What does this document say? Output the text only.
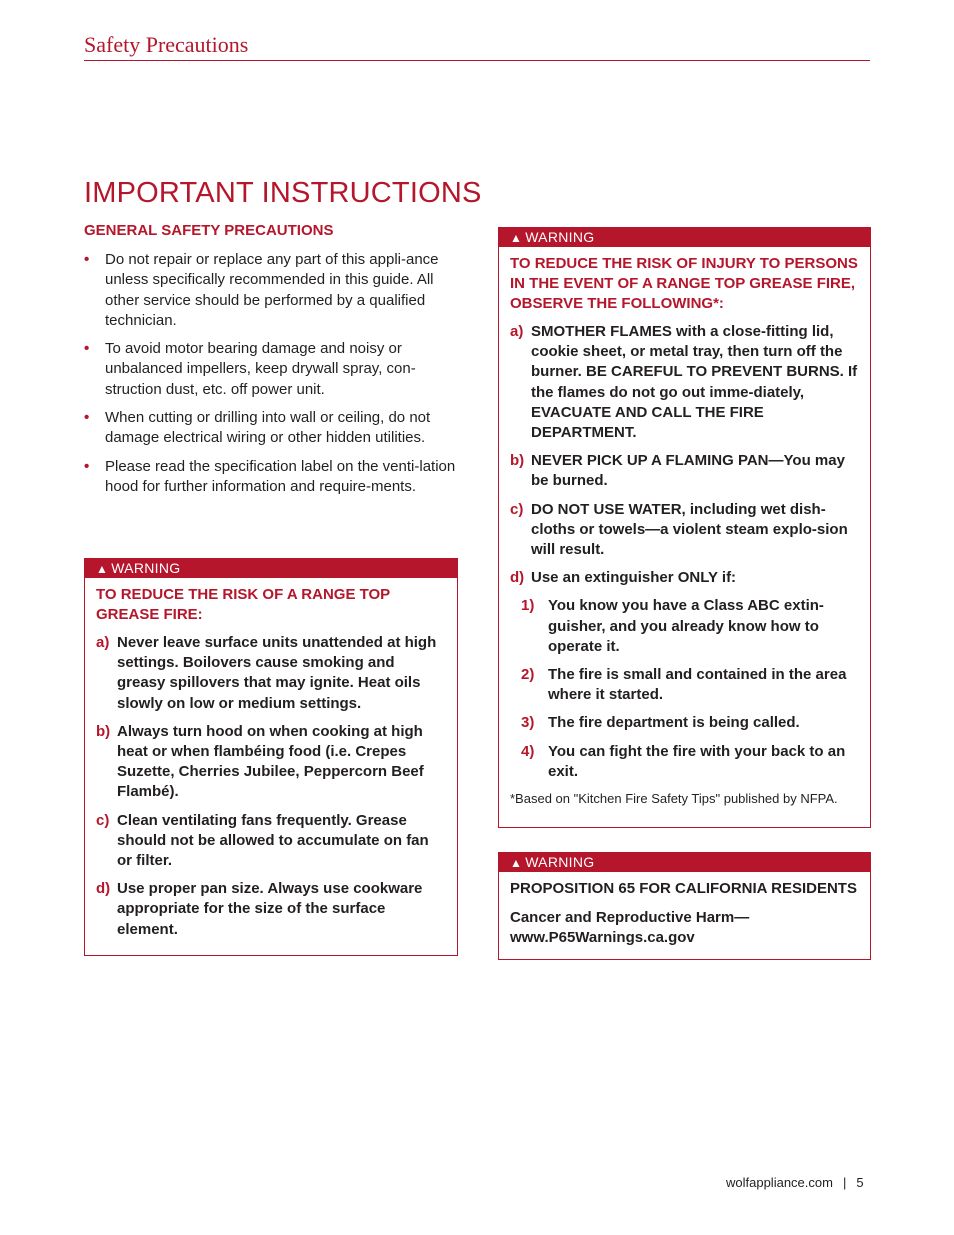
Safety Precautions
IMPORTANT INSTRUCTIONS
GENERAL SAFETY PRECAUTIONS
• Do not repair or replace any part of this appli-ance unless specifically recommended in this guide. All other service should be performed by a qualified technician.
• To avoid motor bearing damage and noisy or unbalanced impellers, keep drywall spray, con-struction dust, etc. off power unit.
• When cutting or drilling into wall or ceiling, do not damage electrical wiring or other hidden utilities.
• Please read the specification label on the venti-lation hood for further information and require-ments.
▲ WARNING
TO REDUCE THE RISK OF A RANGE TOP GREASE FIRE:
a) Never leave surface units unattended at high settings. Boilovers cause smoking and greasy spillovers that may ignite. Heat oils slowly on low or medium settings.
b) Always turn hood on when cooking at high heat or when flambéing food (i.e. Crepes Suzette, Cherries Jubilee, Peppercorn Beef Flambé).
c) Clean ventilating fans frequently. Grease should not be allowed to accumulate on fan or filter.
d) Use proper pan size. Always use cookware appropriate for the size of the surface element.
▲ WARNING
TO REDUCE THE RISK OF INJURY TO PERSONS IN THE EVENT OF A RANGE TOP GREASE FIRE, OBSERVE THE FOLLOWING*:
a) SMOTHER FLAMES with a close-fitting lid, cookie sheet, or metal tray, then turn off the burner. BE CAREFUL TO PREVENT BURNS. If the flames do not go out imme-diately, EVACUATE AND CALL THE FIRE DEPARTMENT.
b) NEVER PICK UP A FLAMING PAN—You may be burned.
c) DO NOT USE WATER, including wet dish-cloths or towels—a violent steam explo-sion will result.
d) Use an extinguisher ONLY if:
1) You know you have a Class ABC extin-guisher, and you already know how to operate it.
2) The fire is small and contained in the area where it started.
3) The fire department is being called.
4) You can fight the fire with your back to an exit.
*Based on "Kitchen Fire Safety Tips" published by NFPA.
▲ WARNING
PROPOSITION 65 FOR CALIFORNIA RESIDENTS
Cancer and Reproductive Harm—www.P65Warnings.ca.gov
wolfappliance.com | 5
